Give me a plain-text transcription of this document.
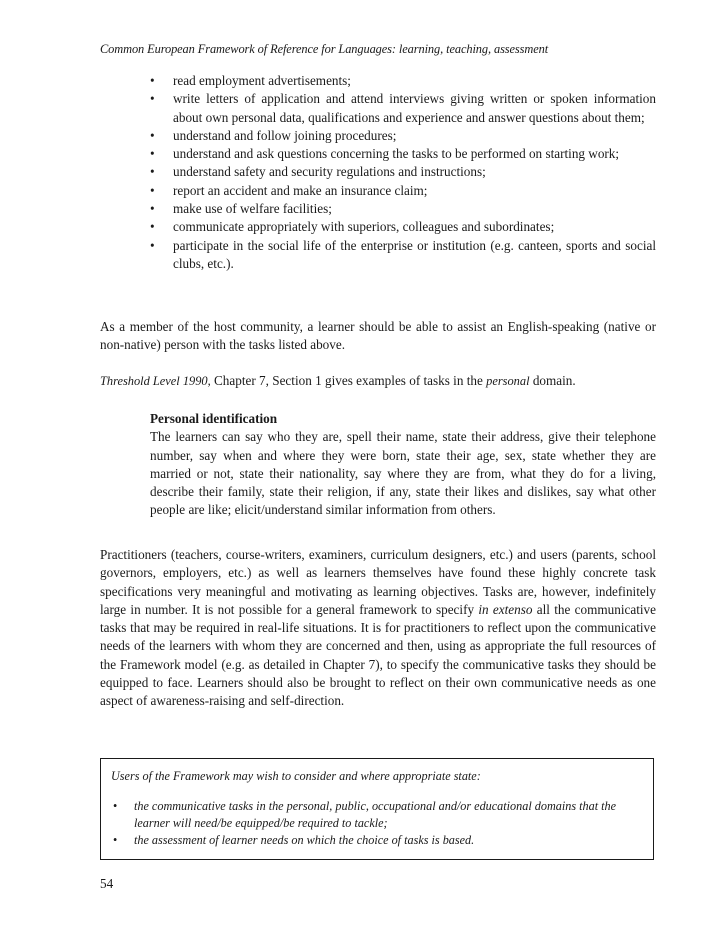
Common European Framework of Reference for Languages: learning, teaching, assessment
• read employment advertisements;
• write letters of application and attend interviews giving written or spoken information about own personal data, qualifications and experience and answer questions about them;
• understand and follow joining procedures;
• understand and ask questions concerning the tasks to be performed on starting work;
• understand safety and security regulations and instructions;
• report an accident and make an insurance claim;
• make use of welfare facilities;
• communicate appropriately with superiors, colleagues and subordinates;
• participate in the social life of the enterprise or institution (e.g. canteen, sports and social clubs, etc.).

As a member of the host community, a learner should be able to assist an English-speaking (native or non-native) person with the tasks listed above.

Threshold Level 1990, Chapter 7, Section 1 gives examples of tasks in the personal domain.

Personal identification
The learners can say who they are, spell their name, state their address, give their telephone number, say when and where they were born, state their age, sex, state whether they are married or not, state their nationality, say where they are from, what they do for a living, describe their family, state their religion, if any, state their likes and dislikes, say what other people are like; elicit/understand similar information from others.

Practitioners (teachers, course-writers, examiners, curriculum designers, etc.) and users (parents, school governors, employers, etc.) as well as learners themselves have found these highly concrete task specifications very meaningful and motivating as learning objectives. Tasks are, however, indefinitely large in number. It is not possible for a general framework to specify in extenso all the communicative tasks that may be required in real-life situations. It is for practitioners to reflect upon the communicative needs of the learners with whom they are concerned and then, using as appropriate the full resources of the Framework model (e.g. as detailed in Chapter 7), to specify the communicative tasks they should be equipped to face. Learners should also be brought to reflect on their own communicative needs as one aspect of awareness-raising and self-direction.

Users of the Framework may wish to consider and where appropriate state:
• the communicative tasks in the personal, public, occupational and/or educational domains that the learner will need/be equipped/be required to tackle;
• the assessment of learner needs on which the choice of tasks is based.
54
